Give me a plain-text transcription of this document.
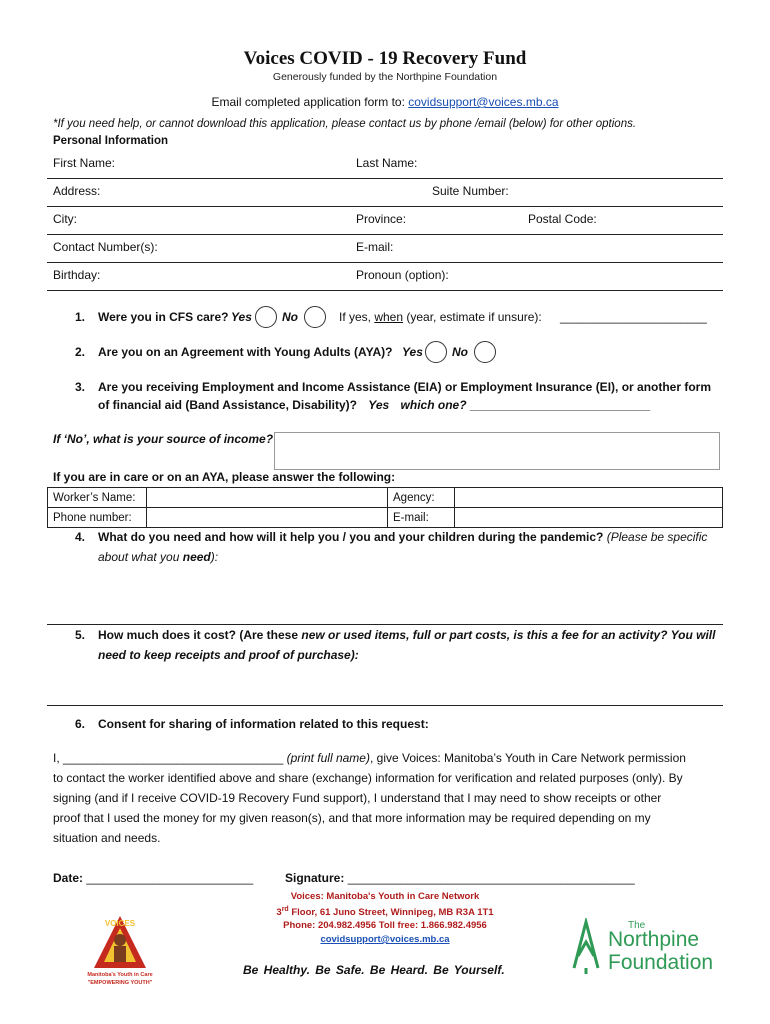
Voices COVID - 19 Recovery Fund
Generously funded by the Northpine Foundation
Email completed application form to: covidsupport@voices.mb.ca
*If you need help, or cannot download this application, please contact us by phone /email (below) for other options.
Personal Information
First Name:	Last Name:
Address:	Suite Number:
City:	Province:	Postal Code:
Contact Number(s):	E-mail:
Birthday:	Pronoun (option):
1. Were you in CFS care? Yes	No	If yes, when (year, estimate if unsure): ______________________
2. Are you on an Agreement with Young Adults (AYA)? Yes No
3. Are you receiving Employment and Income Assistance (EIA) or Employment Insurance (EI), or another form
of financial aid (Band Assistance, Disability)? Yes which one? ___________________________
If ‘No’, what is your source of income?
If you are in care or on an AYA, please answer the following:
Worker’s Name:		Agency:	
Phone number:		E-mail:	
4. What do you need and how will it help you / you and your children during the pandemic? (Please be specific
about what you need):
5. How much does it cost? (Are these new or used items, full or part costs, is this a fee for an activity? You will
need to keep receipts and proof of purchase):
6. Consent for sharing of information related to this request:
I, _________________________________ (print full name), give Voices: Manitoba’s Youth in Care Network permission
to contact the worker identified above and share (exchange) information for verification and related purposes (only). By
signing (and if I receive COVID-19 Recovery Fund support), I understand that I may need to show receipts or other
proof that I used the money for my given reason(s), and that more information may be required depending on my
situation and needs.
Date: _________________________	Signature: ___________________________________________
Voices: Manitoba's Youth in Care Network
3rd Floor, 61 Juno Street, Winnipeg, MB R3A 1T1
Phone: 204.982.4956 Toll free: 1.866.982.4956
covidsupport@voices.mb.ca
Be Healthy. Be Safe. Be Heard. Be Yourself.
VOICES
Manitoba's Youth in Care
"EMPOWERING YOUTH"
The
Northpine
Foundation
